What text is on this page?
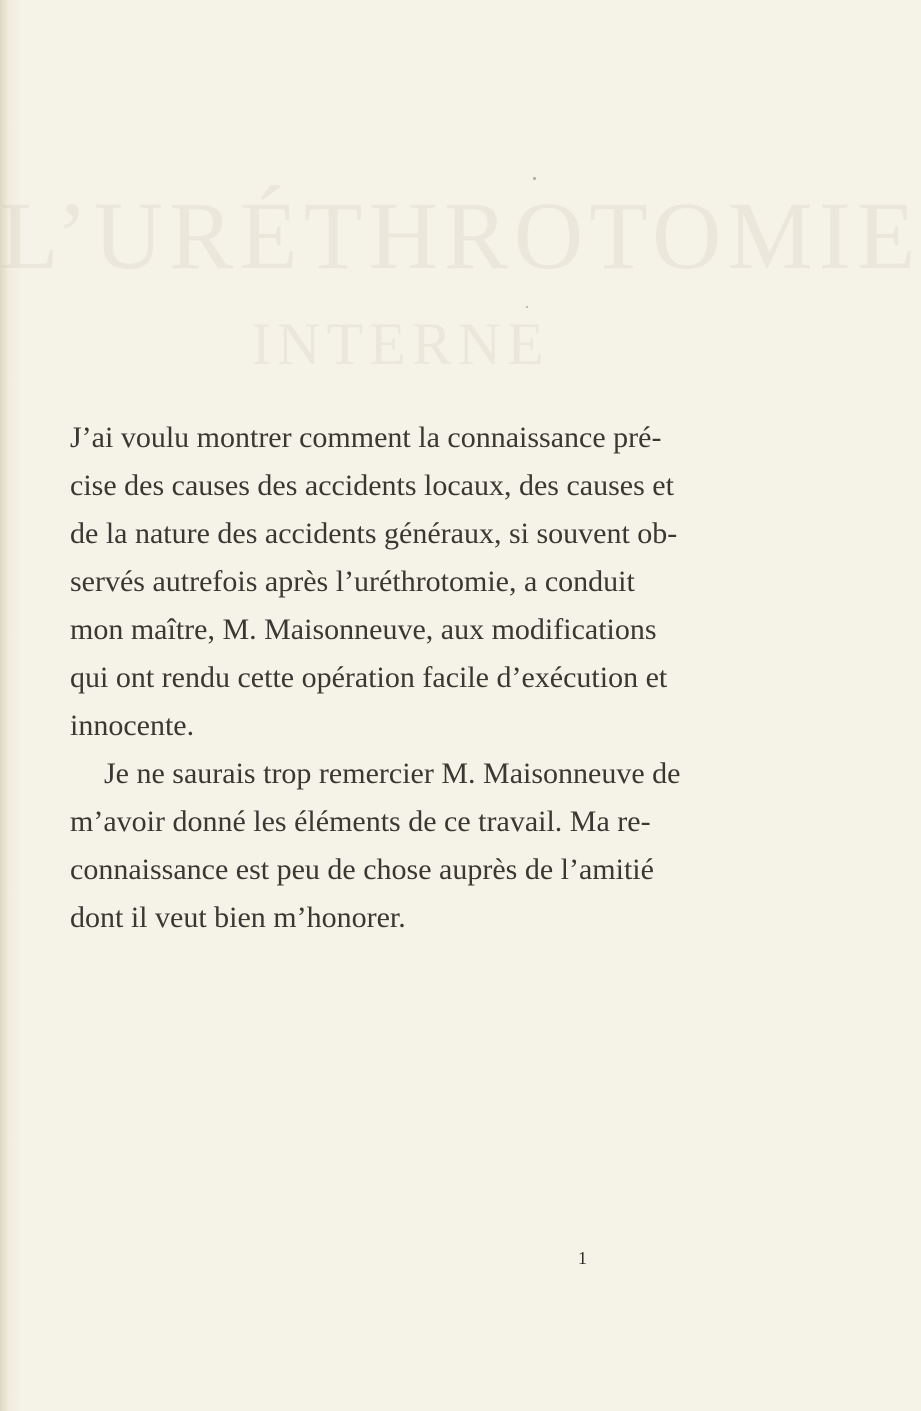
L’URÉTHROTOMIE
INTERNE
J’ai voulu montrer comment la connaissance pré-
cise des causes des accidents locaux, des causes et
de la nature des accidents généraux, si souvent ob-
servés autrefois après l’uréthrotomie, a conduit
mon maître, M. Maisonneuve, aux modifications
qui ont rendu cette opération facile d’exécution et
innocente.
Je ne saurais trop remercier M. Maisonneuve de
m’avoir donné les éléments de ce travail. Ma re-
connaissance est peu de chose auprès de l’amitié
dont il veut bien m’honorer.
1
